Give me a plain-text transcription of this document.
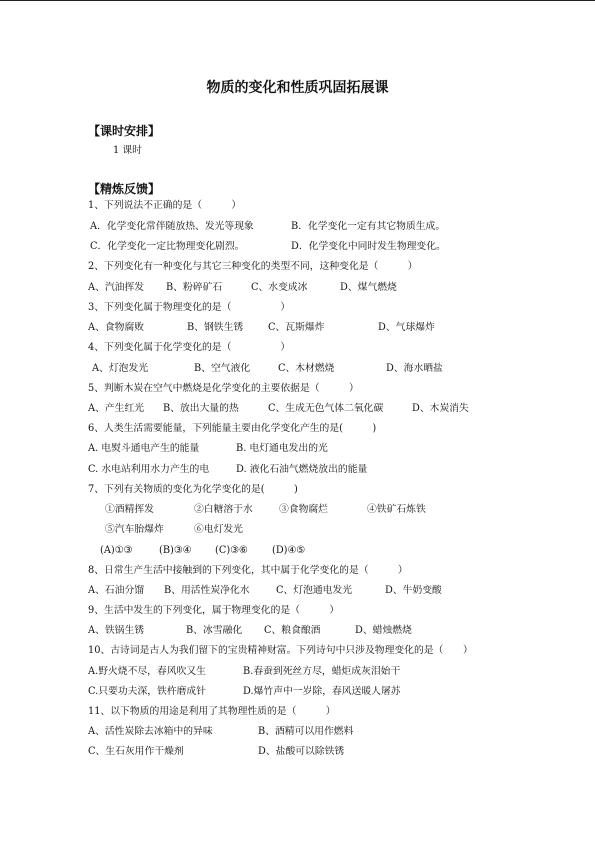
物质的变化和性质巩固拓展课
【课时安排】
1 课时
【精炼反馈】
1、下列说法不正确的是（　　　）
A．化学变化常伴随放热、发光等现象	B．化学变化一定有其它物质生成。
C．化学变化一定比物理变化剧烈。	D．化学变化中同时发生物理变化。
2、下列变化有一种变化与其它三种变化的类型不同，这种变化是（　　　）
A、汽油挥发 B、粉碎矿石	C、水变成冰	D、煤气燃烧
3、下列变化属于物理变化的是（　　　　　）
A、食物腐败	B、钢铁生锈	C、瓦斯爆炸	D、气球爆炸
4、下列变化属于化学变化的是（　　　　　）
A、灯泡发光	B、空气液化	C、木材燃烧	D、海水晒盐
5、判断木炭在空气中燃烧是化学变化的主要依据是（　　　）
A、产生红光 B、放出大量的热	C、生成无色气体二氧化碳	D、木炭消失
6、人类生活需要能量，下列能量主要由化学变化产生的是(　　　)
A. 电熨斗通电产生的能量	B. 电灯通电发出的光
C. 水电站利用水力产生的电	D. 液化石油气燃烧放出的能量
7、下列有关物质的变化为化学变化的是(　　　)
①酒精挥发	②白糖溶于水	③食物腐烂	④铁矿石炼铁
⑤汽车胎爆炸	⑥电灯发光
(A)①③	(B)③④ (C)③⑥ (D)④⑤
8、日常生产生活中接触到的下列变化，其中属于化学变化的是（　　　）
A、石油分馏 B、用活性炭净化水	C、灯泡通电发光	D、牛奶变酸
9、生活中发生的下列变化，属于物理变化的是（　　　）
A、铁锅生锈	B、冰雪融化 C、粮食酿酒	D、蜡烛燃烧
10、古诗词是古人为我们留下的宝贵精神财富。下列诗句中只涉及物理变化的是（　　）
A.野火烧不尽，春风吹又生	B.春蚕到死丝方尽，蜡炬成灰泪始干
C.只要功夫深，铁杵磨成针	D.爆竹声中一岁除，春风送暖人屠苏
11、以下物质的用途是利用了其物理性质的是（　　　）
A、活性炭除去冰箱中的异味	B、酒精可以用作燃料
C、生石灰用作干燥剂	D、盐酸可以除铁锈
